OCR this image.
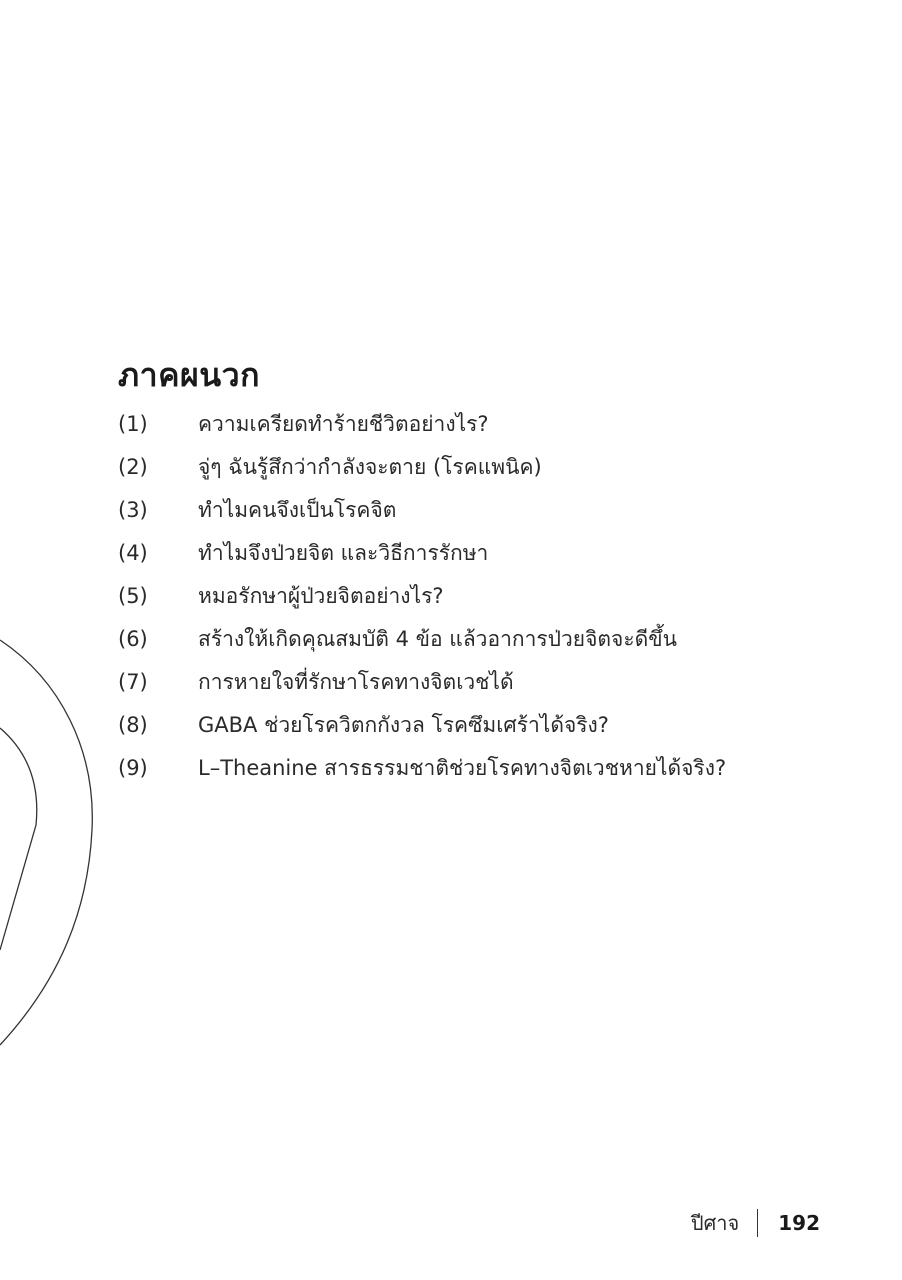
ภาคผนวก
(1) ความเครียดทำร้ายชีวิตอย่างไร?
(2) จู่ๆ ฉันรู้สึกว่ากำลังจะตาย (โรคแพนิค)
(3) ทำไมคนจึงเป็นโรคจิต
(4) ทำไมจึงป่วยจิต และวิธีการรักษา
(5) หมอรักษาผู้ป่วยจิตอย่างไร?
(6) สร้างให้เกิดคุณสมบัติ 4 ข้อ แล้วอาการป่วยจิตจะดีขึ้น
(7) การหายใจที่รักษาโรคทางจิตเวชได้
(8) GABA ช่วยโรควิตกกังวล โรคซึมเศร้าได้จริง?
(9) L–Theanine สารธรรมชาติช่วยโรคทางจิตเวชหายได้จริง?
ปีศาจ 192
